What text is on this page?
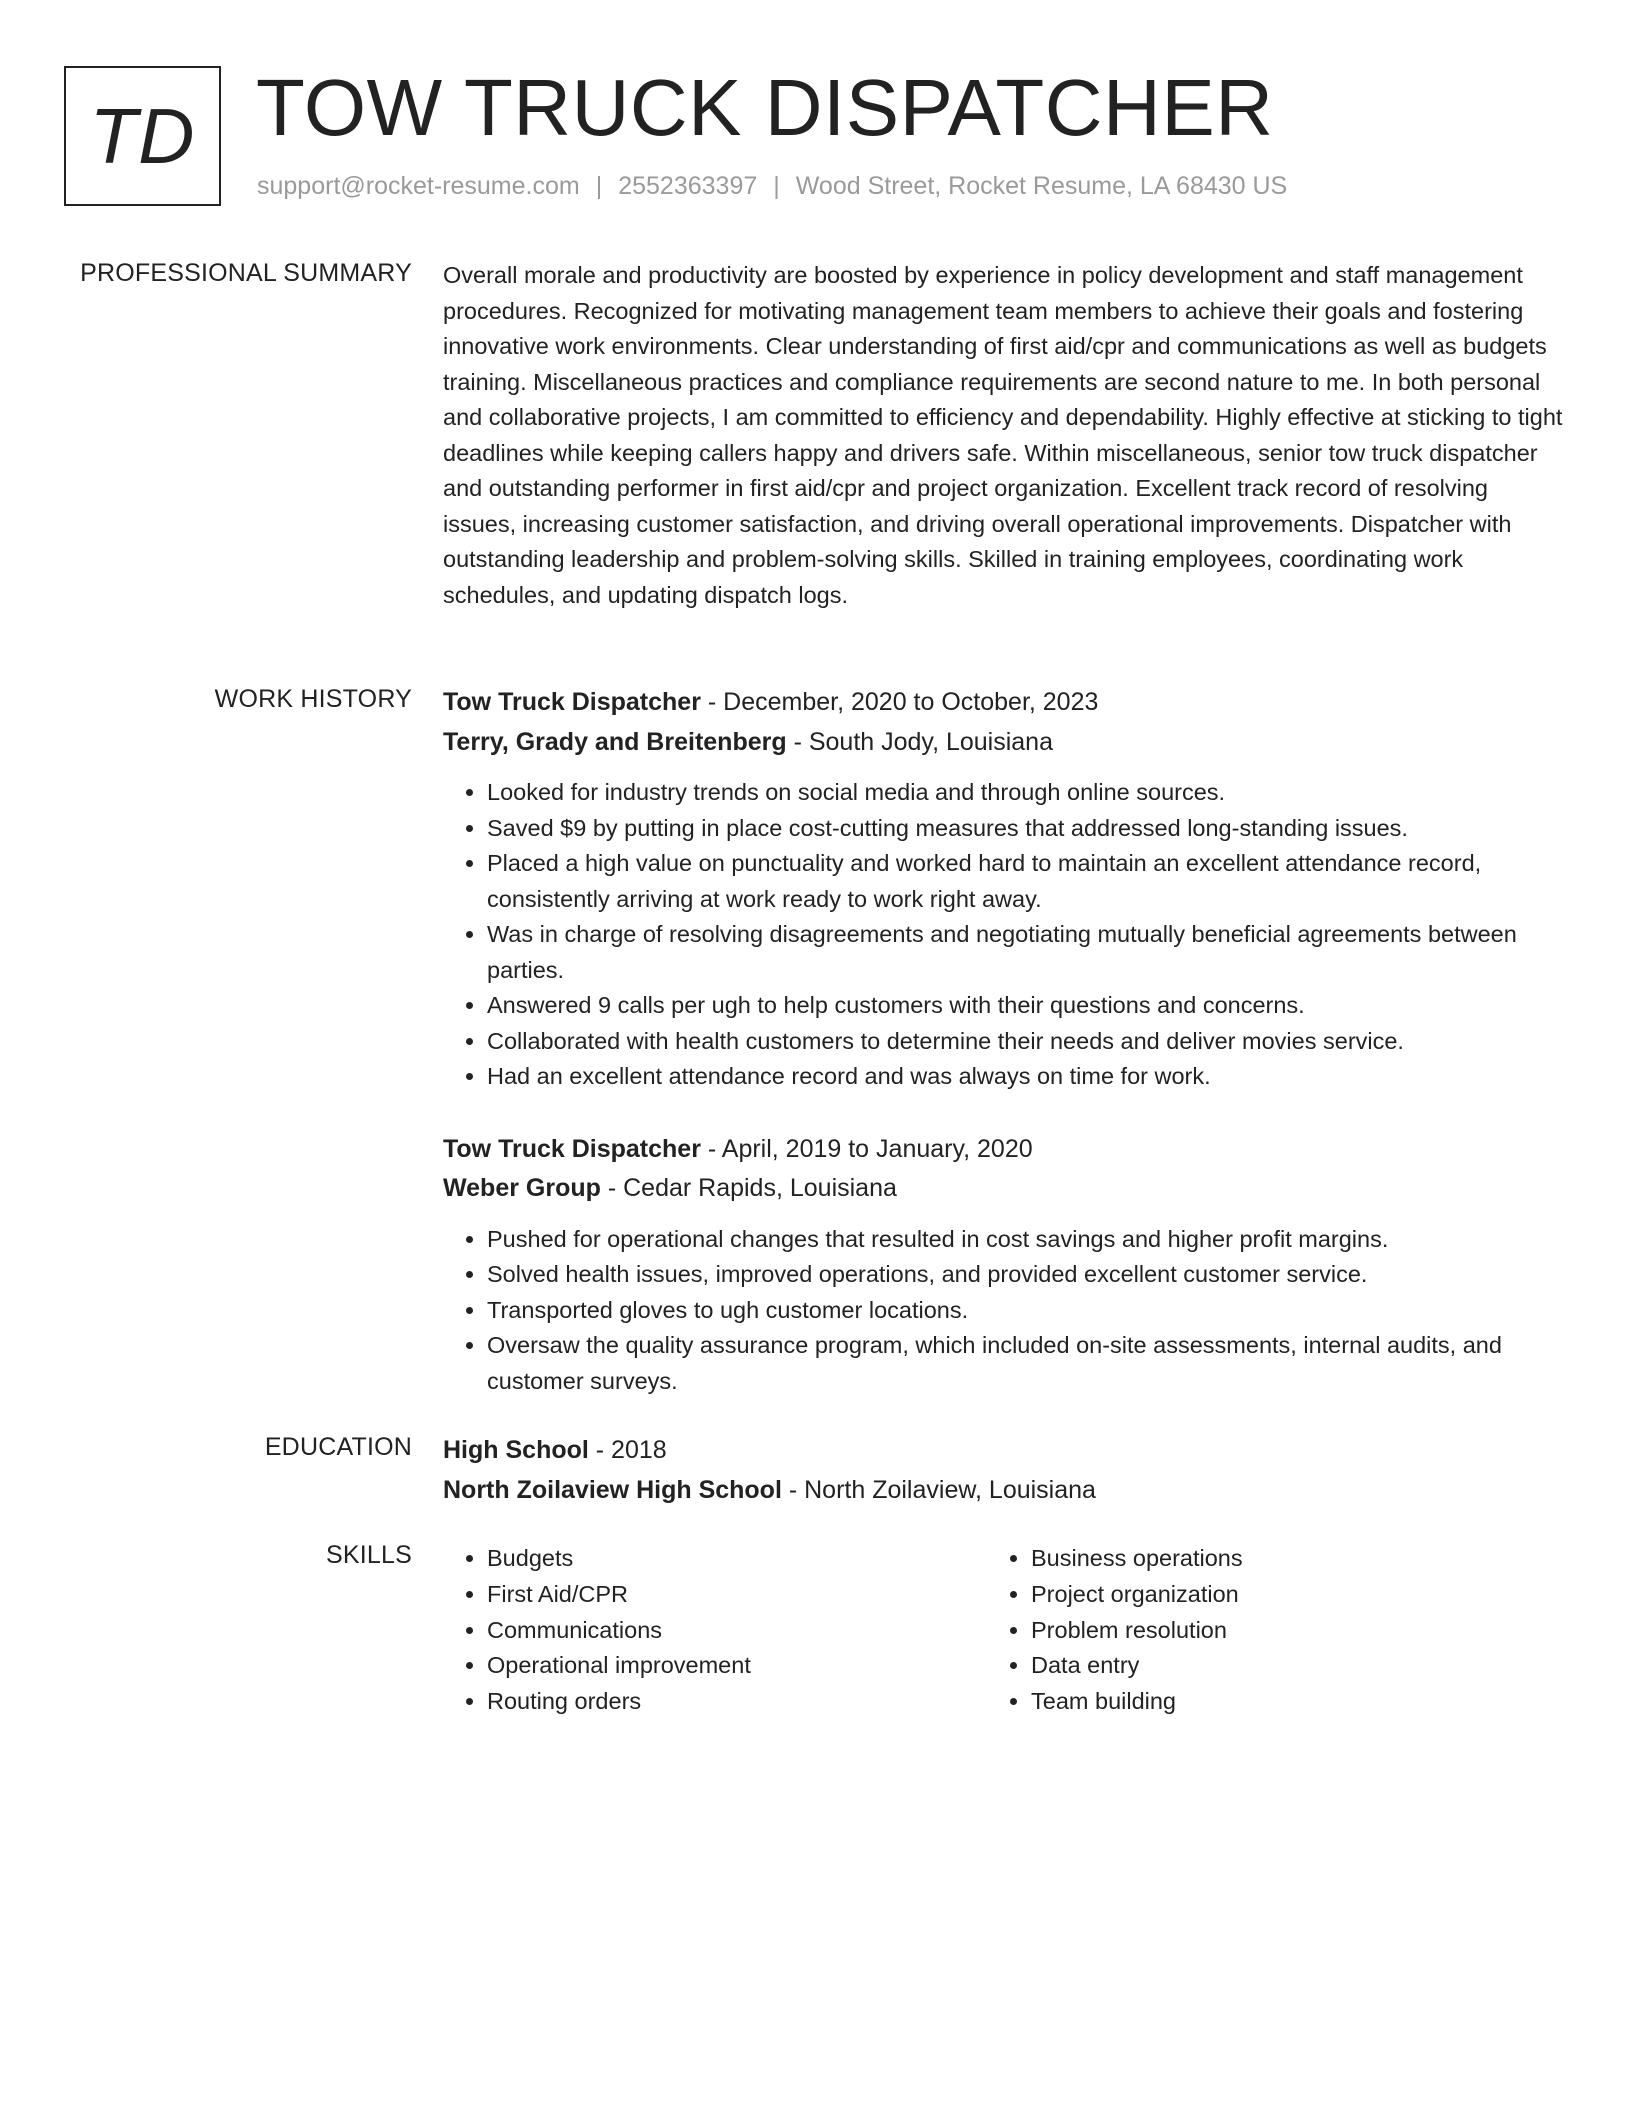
TD TOW TRUCK DISPATCHER
support@rocket-resume.com | 2552363397 | Wood Street, Rocket Resume, LA 68430 US
PROFESSIONAL SUMMARY Overall morale and productivity are boosted by experience in policy development and staff management procedures. Recognized for motivating management team members to achieve their goals and fostering innovative work environments. Clear understanding of first aid/cpr and communications as well as budgets training. Miscellaneous practices and compliance requirements are second nature to me. In both personal and collaborative projects, I am committed to efficiency and dependability. Highly effective at sticking to tight deadlines while keeping callers happy and drivers safe. Within miscellaneous, senior tow truck dispatcher and outstanding performer in first aid/cpr and project organization. Excellent track record of resolving issues, increasing customer satisfaction, and driving overall operational improvements. Dispatcher with outstanding leadership and problem-solving skills. Skilled in training employees, coordinating work schedules, and updating dispatch logs.

WORK HISTORY Tow Truck Dispatcher - December, 2020 to October, 2023
Terry, Grady and Breitenberg - South Jody, Louisiana
• Looked for industry trends on social media and through online sources.
• Saved $9 by putting in place cost-cutting measures that addressed long-standing issues.
• Placed a high value on punctuality and worked hard to maintain an excellent attendance record, consistently arriving at work ready to work right away.
• Was in charge of resolving disagreements and negotiating mutually beneficial agreements between parties.
• Answered 9 calls per ugh to help customers with their questions and concerns.
• Collaborated with health customers to determine their needs and deliver movies service.
• Had an excellent attendance record and was always on time for work.
Tow Truck Dispatcher - April, 2019 to January, 2020
Weber Group - Cedar Rapids, Louisiana
• Pushed for operational changes that resulted in cost savings and higher profit margins.
• Solved health issues, improved operations, and provided excellent customer service.
• Transported gloves to ugh customer locations.
• Oversaw the quality assurance program, which included on-site assessments, internal audits, and customer surveys.
EDUCATION High School - 2018
North Zoilaview High School - North Zoilaview, Louisiana
SKILLS
•	Budgets
• First Aid/CPR
• Communications
• Operational improvement
• Routing orders
• Business operations
• Project organization
• Problem resolution
• Data entry
• Team building
